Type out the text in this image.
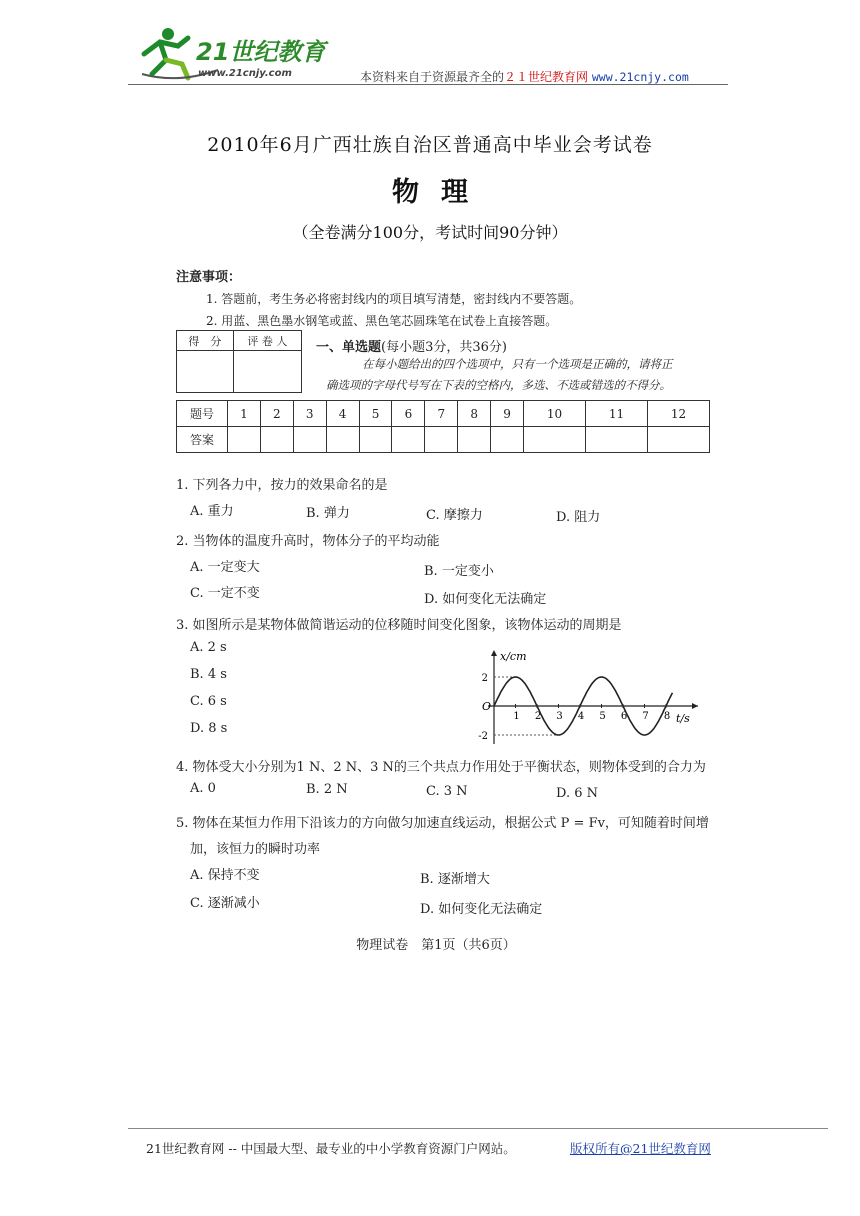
21世纪教育
www.21cnjy.com	本资料来自于资源最齐全的２１世纪教育网 www.21cnjy.com
2010年6月广西壮族自治区普通高中毕业会考试卷
物理
（全卷满分100分，考试时间90分钟）
注意事项：
1. 答题前，考生务必将密封线内的项目填写清楚，密封线内不要答题。
2. 用蓝、黑色墨水钢笔或蓝、黑色笔芯圆珠笔在试卷上直接答题。
得　分	评 卷 人
	一、单选题(每小题3分，共36分)
在每小题给出的四个选项中，只有一个选项是正确的，请将正
确选项的字母代号写在下表的空格内，多选、不选或错选的不得分。
题号	1	2	3	4	5	6	7	8	9	10	11	12
答案												
1. 下列各力中，按力的效果命名的是
A. 重力	B. 弹力	C. 摩擦力	D. 阻力
2. 当物体的温度升高时，物体分子的平均动能
A. 一定变大	B. 一定变小
C. 一定不变	D. 如何变化无法确定
3. 如图所示是某物体做简谐运动的位移随时间变化图象，该物体运动的周期是
A. 2 s
B. 4 s
C. 6 s
D. 8 s
1 2 3 4 5 6 7 8
2
-2
x/cm
t/s
O
4. 物体受大小分别为1 N、2 N、3 N的三个共点力作用处于平衡状态，则物体受到的合力为
A. 0	B. 2 N	C. 3 N	D. 6 N
5. 物体在某恒力作用下沿该力的方向做匀加速直线运动，根据公式 P = Fv，可知随着时间增
加，该恒力的瞬时功率
A. 保持不变	B. 逐渐增大
C. 逐渐减小	D. 如何变化无法确定
物理试卷　第1页（共6页）
21世纪教育网 -- 中国最大型、最专业的中小学教育资源门户网站。	版权所有@21世纪教育网
